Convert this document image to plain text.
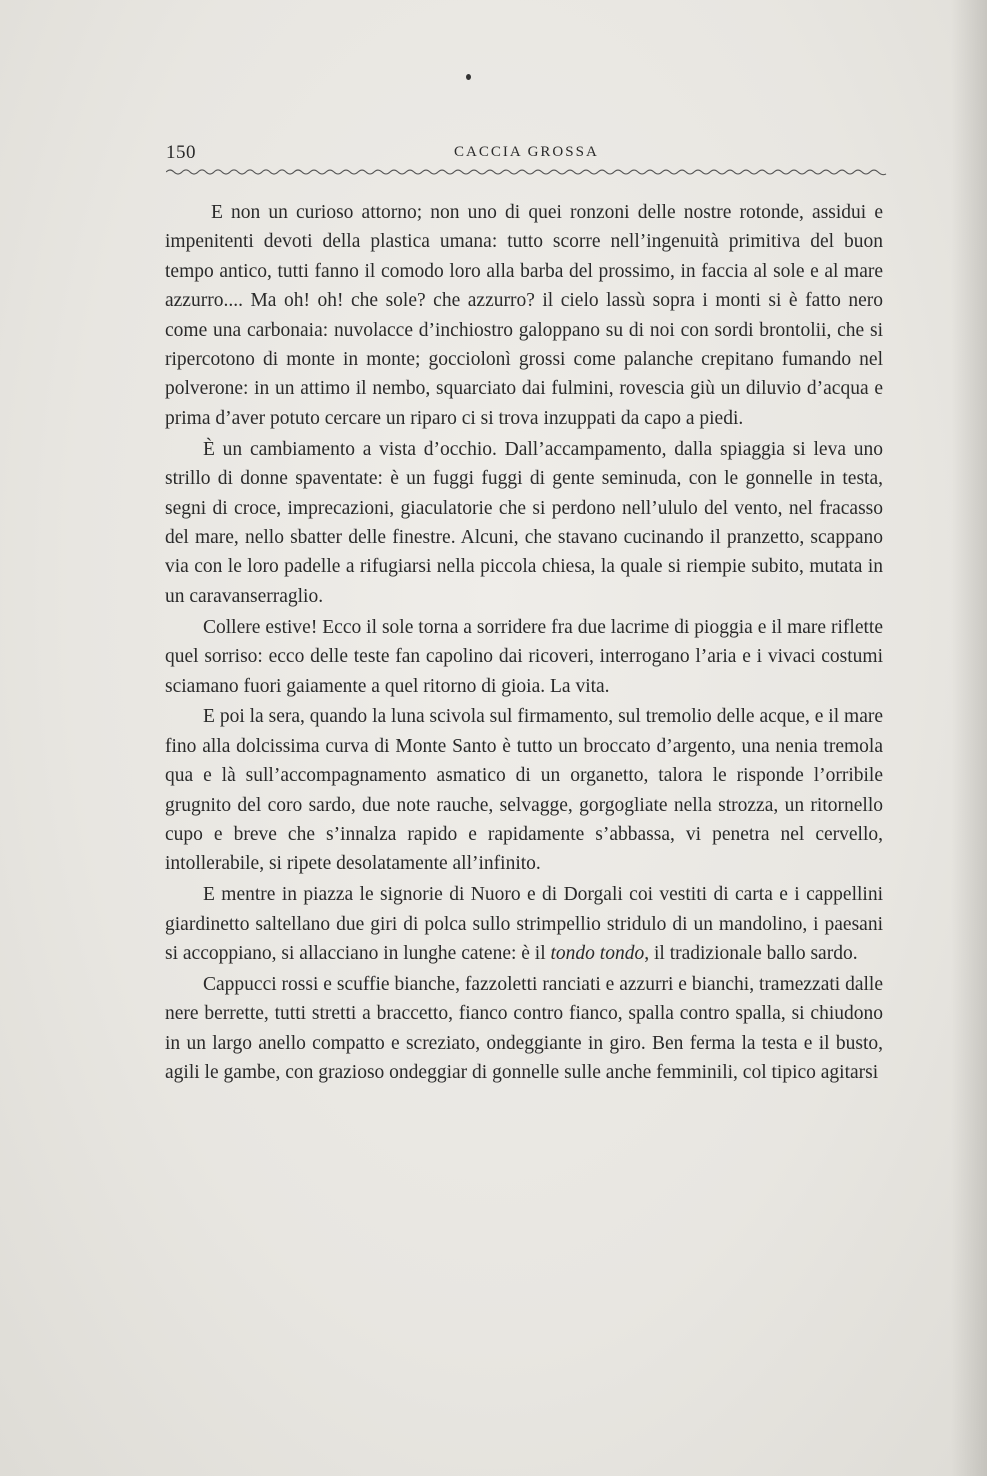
150	CACCIA GROSSA

E non un curioso attorno; non uno di quei ronzoni delle nostre rotonde, assidui e impenitenti devoti della plastica umana: tutto scorre nell’ingenuità primitiva del buon tempo antico, tutti fanno il comodo loro alla barba del prossimo, in faccia al sole e al mare azzurro.... Ma oh! oh! che sole? che azzurro? il cielo lassù sopra i monti si è fatto nero come una carbonaia: nuvolacce d’inchiostro galoppano su di noi con sordi brontolii, che si ripercotono di monte in monte; gocciolonì grossi come palanche crepitano fumando nel polverone: in un attimo il nembo, squarciato dai fulmini, rovescia giù un diluvio d’acqua e prima d’aver potuto cercare un riparo ci si trova inzuppati da capo a piedi.

È un cambiamento a vista d’occhio. Dall’accampamento, dalla spiaggia si leva uno strillo di donne spaventate: è un fuggi fuggi di gente seminuda, con le gonnelle in testa, segni di croce, imprecazioni, giaculatorie che si perdono nell’ululo del vento, nel fracasso del mare, nello sbatter delle finestre. Alcuni, che stavano cucinando il pranzetto, scappano via con le loro padelle a rifugiarsi nella piccola chiesa, la quale si riempie subito, mutata in un caravanserraglio.

Collere estive! Ecco il sole torna a sorridere fra due lacrime di pioggia e il mare riflette quel sorriso: ecco delle teste fan capolino dai ricoveri, interrogano l’aria e i vivaci costumi sciamano fuori gaiamente a quel ritorno di gioia. La vita.

E poi la sera, quando la luna scivola sul firmamento, sul tremolio delle acque, e il mare fino alla dolcissima curva di Monte Santo è tutto un broccato d’argento, una nenia tremola qua e là sull’accompagnamento asmatico di un organetto, talora le risponde l’orribile grugnito del coro sardo, due note rauche, selvagge, gorgogliate nella strozza, un ritornello cupo e breve che s’innalza rapido e rapidamente s’abbassa, vi penetra nel cervello, intollerabile, si ripete desolatamente all’infinito.

E mentre in piazza le signorie di Nuoro e di Dorgali coi vestiti di carta e i cappellini giardinetto saltellano due giri di polca sullo strimpellio stridulo di un mandolino, i paesani si accoppiano, si allacciano in lunghe catene: è il tondo tondo, il tradizionale ballo sardo.

Cappucci rossi e scuffie bianche, fazzoletti ranciati e azzurri e bianchi, tramezzati dalle nere berrette, tutti stretti a braccetto, fianco contro fianco, spalla contro spalla, si chiudono in un largo anello compatto e screziato, ondeggiante in giro. Ben ferma la testa e il busto, agili le gambe, con grazioso ondeggiar di gonnelle sulle anche femminili, col tipico agitarsi
